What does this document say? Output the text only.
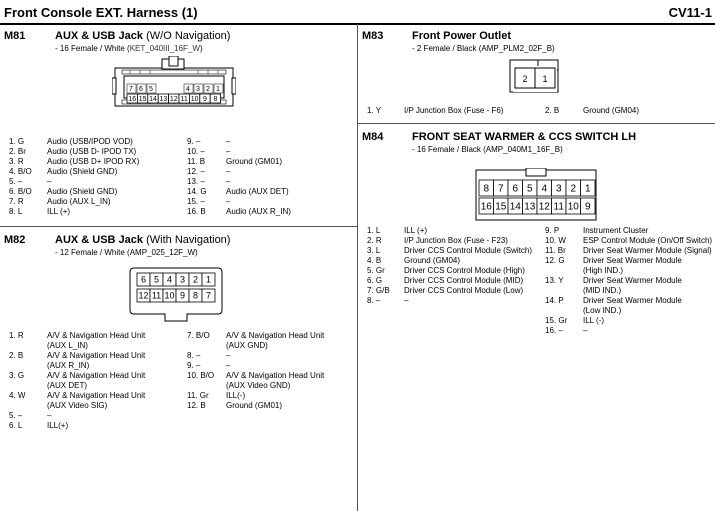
Front Console EXT. Harness (1)	CV11-1
M81	AUX & USB Jack (W/O Navigation)
- 16 Female / White (KET_040III_16F_W)
7 6 5	4 3 2 1
16 15 14 13 12 11 10 9 8
1. G	Audio (USB/IPOD VOD)
2. Br	Audio (USB D- IPOD TX)
3. R	Audio (USB D+ IPOD RX)
4. B/O Audio (Shield GND)
5. –	–
6. B/O Audio (Shield GND)
7. R	Audio (AUX L_IN)
8. L	ILL (+)
9. –	–
10. –	–
11. B	Ground (GM01)
12. –	–
13. –	–
14. G Audio (AUX DET)
15. –	–
16. B	Audio (AUX R_IN)
M82	AUX & USB Jack (With Navigation)
- 12 Female / White (AMP_025_12F_W)
6 5 4 3 2 1
12 11 10 9 8 7
1. R	A/V & Navigation Head Unit
(AUX L_IN)
2. B	A/V & Navigation Head Unit
(AUX R_IN)
3. G	A/V & Navigation Head Unit
(AUX DET)
4. W	A/V & Navigation Head Unit
(AUX Video SIG)
5. –	–
6. L	ILL(+)
7. B/O A/V & Navigation Head Unit
(AUX GND)
8. –	–
9. –	–
10. B/O A/V & Navigation Head Unit
(AUX Video GND)
11. Gr ILL(-)
12. B	Ground (GM01)
M83	Front Power Outlet
- 2 Female / Black (AMP_PLM2_02F_B)
2 1
1. Y	I/P Junction Box (Fuse - F6)	2. B	Ground (GM04)
M84	FRONT SEAT WARMER & CCS SWITCH LH
- 16 Female / Black (AMP_040M1_16F_B)
8 7 6 5 4 3 2 1
16 15 14 13 12 11 10 9
1. L	ILL (+)
2. R	I/P Junction Box (Fuse - F23)
3. L	Driver CCS Control Module (Switch)
4. B	Ground (GM04)
5. Gr Driver CCS Control Module (High)
6. G	Driver CCS Control Module (MID)
7. G/B Driver CCS Control Module (Low)
8. –	–
9. P	Instrument Cluster
10. W ESP Control Module (On/Off Switch)
11. Br Driver Seat Warmer Module (Signal)
12. G Driver Seat Warmer Module
(High IND.)
13. Y Driver Seat Warmer Module
(MID IND.)
14. P Driver Seat Warmer Module
(Low IND.)
15. Gr ILL (-)
16. –	–
